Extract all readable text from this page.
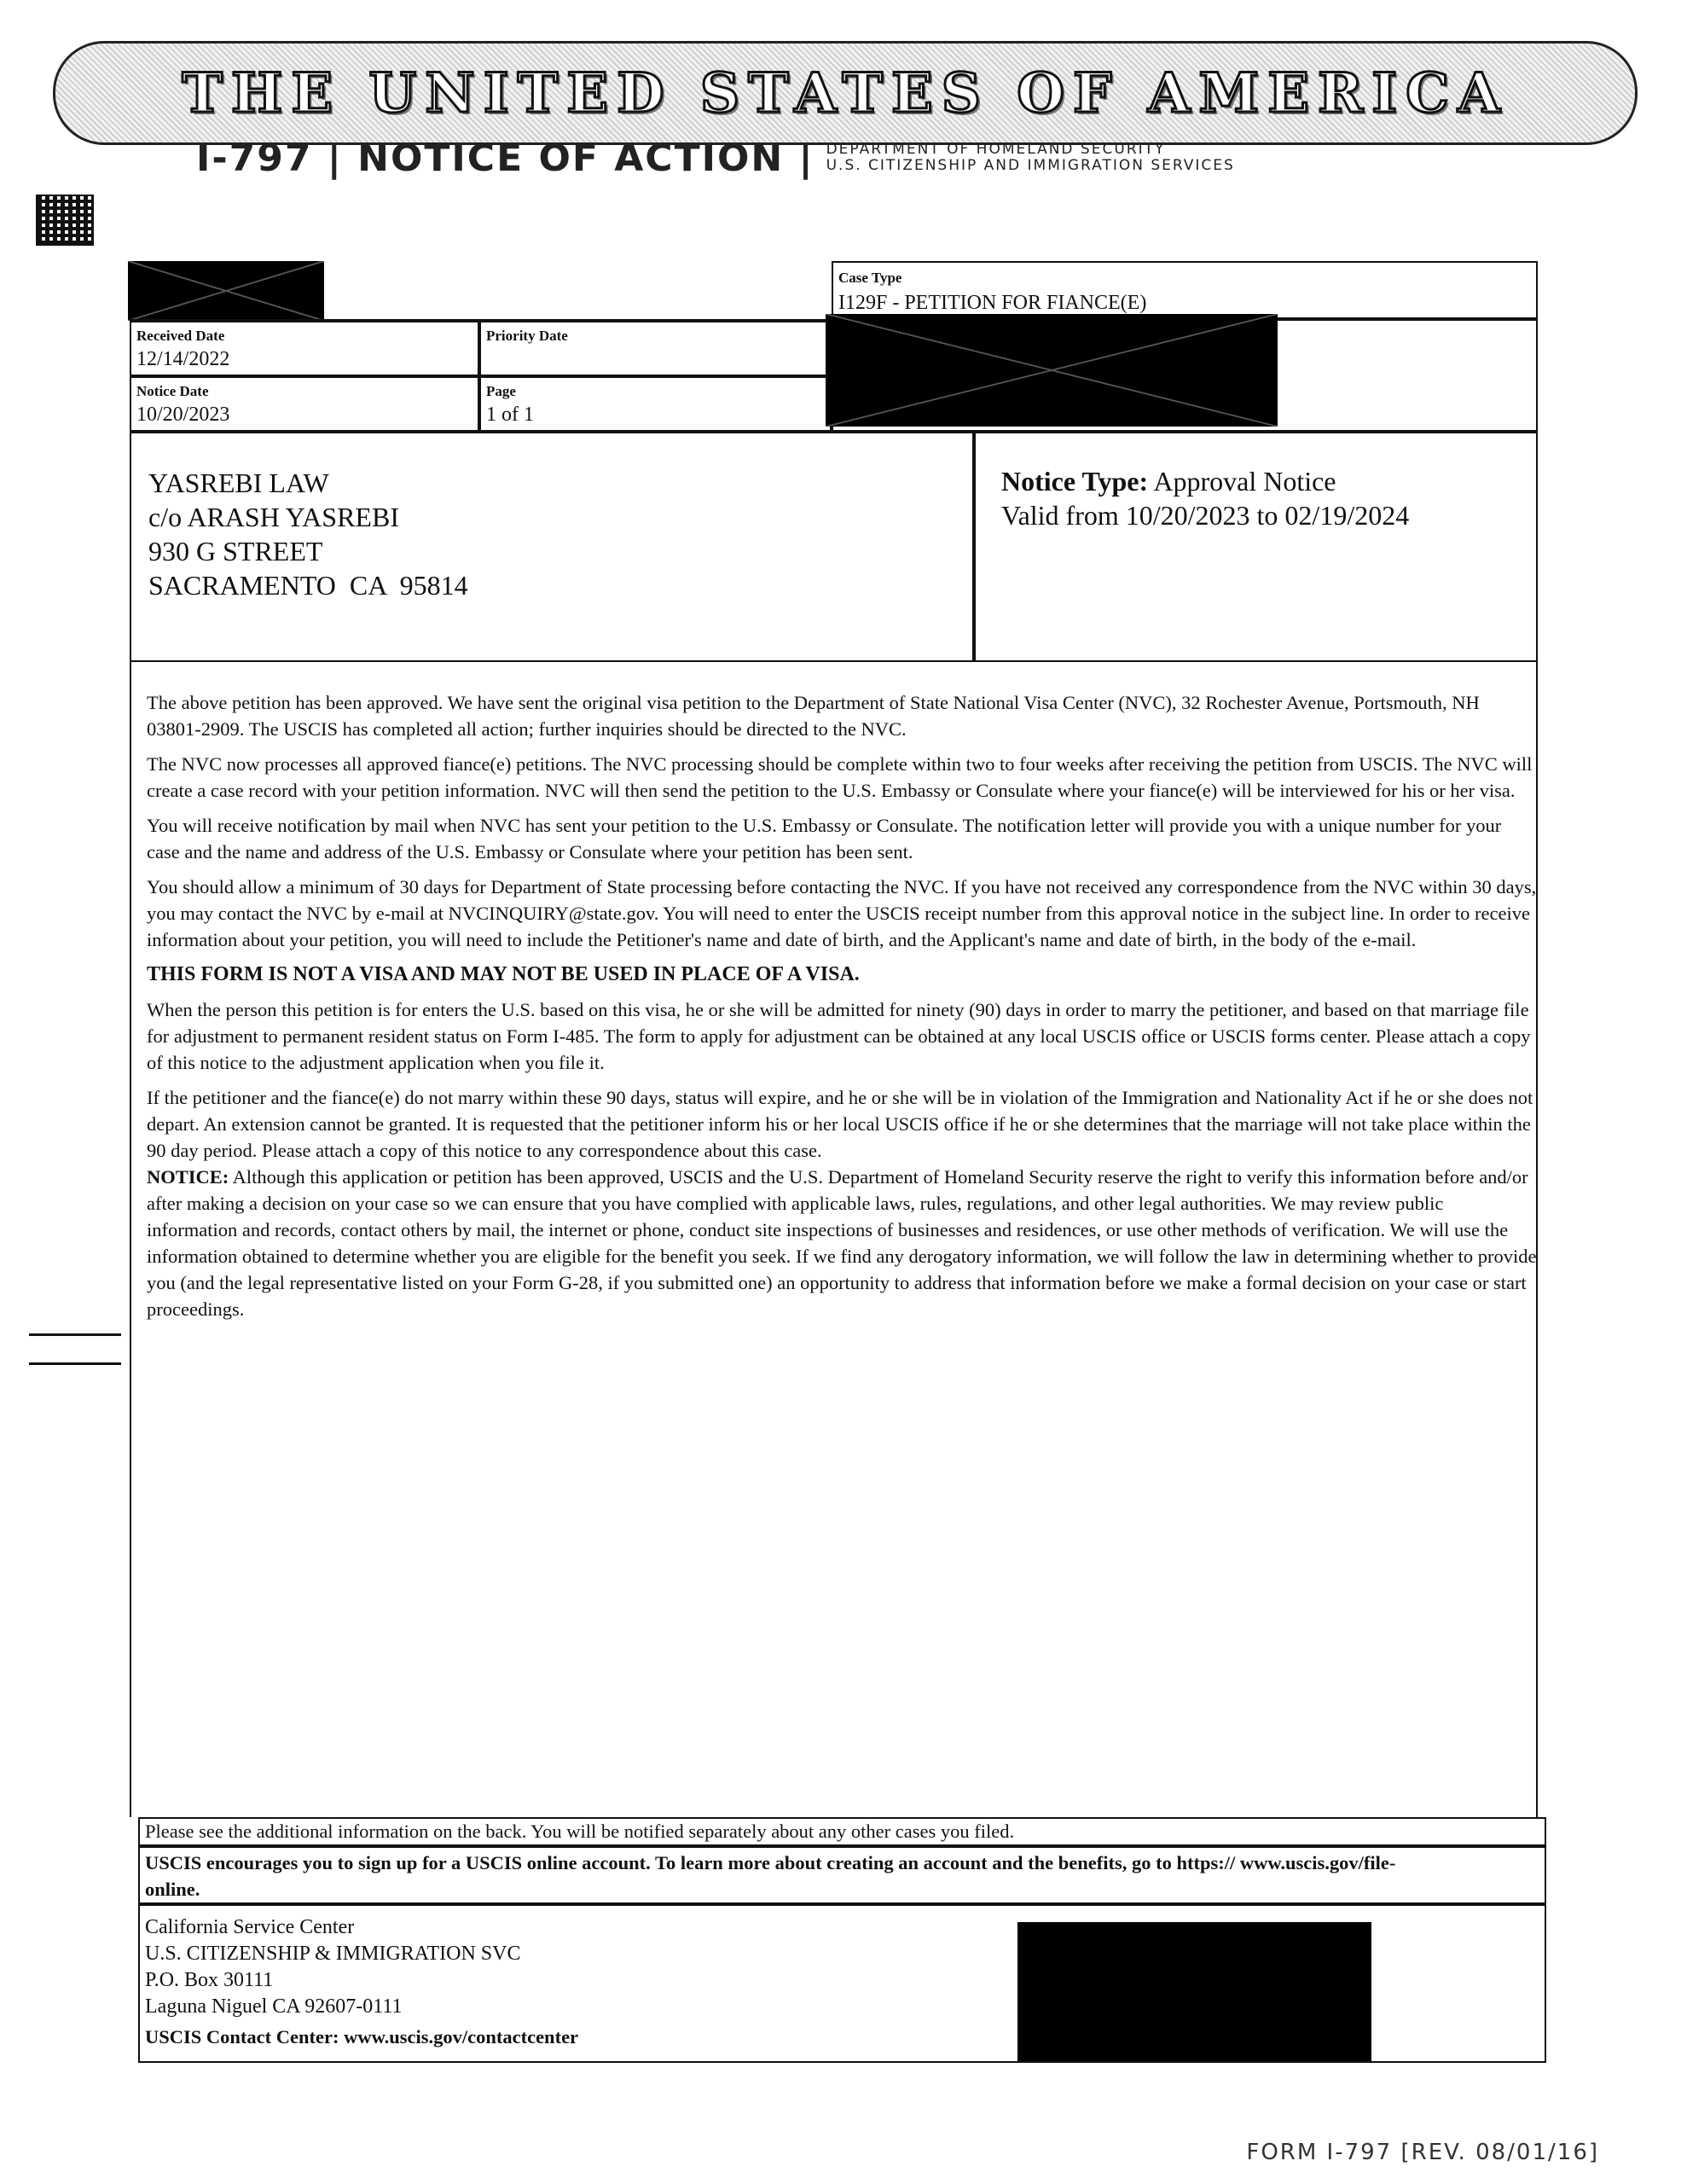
THE UNITED STATES OF AMERICA
I-797 | NOTICE OF ACTION | DEPARTMENT OF HOMELAND SECURITY
U.S. CITIZENSHIP AND IMMIGRATION SERVICES
Case Type
I129F - PETITION FOR FIANCE(E)
Received Date
12/14/2022
Priority Date
Notice Date
10/20/2023
Page
1 of 1
YASREBI LAW
c/o ARASH YASREBI
930 G STREET
SACRAMENTO  CA  95814
Notice Type: Approval Notice
Valid from 10/20/2023 to 02/19/2024

The above petition has been approved. We have sent the original visa petition to the Department of State National Visa Center (NVC), 32 Rochester Avenue, Portsmouth, NH 03801-2909. The USCIS has completed all action; further inquiries should be directed to the NVC.

The NVC now processes all approved fiance(e) petitions. The NVC processing should be complete within two to four weeks after receiving the petition from USCIS. The NVC will create a case record with your petition information. NVC will then send the petition to the U.S. Embassy or Consulate where your fiance(e) will be interviewed for his or her visa.

You will receive notification by mail when NVC has sent your petition to the U.S. Embassy or Consulate. The notification letter will provide you with a unique number for your case and the name and address of the U.S. Embassy or Consulate where your petition has been sent.

You should allow a minimum of 30 days for Department of State processing before contacting the NVC. If you have not received any correspondence from the NVC within 30 days, you may contact the NVC by e-mail at NVCINQUIRY@state.gov. You will need to enter the USCIS receipt number from this approval notice in the subject line. In order to receive information about your petition, you will need to include the Petitioner's name and date of birth, and the Applicant's name and date of birth, in the body of the e-mail.

THIS FORM IS NOT A VISA AND MAY NOT BE USED IN PLACE OF A VISA.

When the person this petition is for enters the U.S. based on this visa, he or she will be admitted for ninety (90) days in order to marry the petitioner, and based on that marriage file for adjustment to permanent resident status on Form I-485. The form to apply for adjustment can be obtained at any local USCIS office or USCIS forms center. Please attach a copy of this notice to the adjustment application when you file it.

If the petitioner and the fiance(e) do not marry within these 90 days, status will expire, and he or she will be in violation of the Immigration and Nationality Act if he or she does not depart. An extension cannot be granted. It is requested that the petitioner inform his or her local USCIS office if he or she determines that the marriage will not take place within the 90 day period. Please attach a copy of this notice to any correspondence about this case.

NOTICE: Although this application or petition has been approved, USCIS and the U.S. Department of Homeland Security reserve the right to verify this information before and/or after making a decision on your case so we can ensure that you have complied with applicable laws, rules, regulations, and other legal authorities. We may review public information and records, contact others by mail, the internet or phone, conduct site inspections of businesses and residences, or use other methods of verification. We will use the information obtained to determine whether you are eligible for the benefit you seek. If we find any derogatory information, we will follow the law in determining whether to provide you (and the legal representative listed on your Form G-28, if you submitted one) an opportunity to address that information before we make a formal decision on your case or start proceedings.

Please see the additional information on the back. You will be notified separately about any other cases you filed.
USCIS encourages you to sign up for a USCIS online account. To learn more about creating an account and the benefits, go to https:// www.uscis.gov/file-online.
California Service Center
U.S. CITIZENSHIP & IMMIGRATION SVC
P.O. Box 30111
Laguna Niguel CA 92607-0111
USCIS Contact Center: www.uscis.gov/contactcenter
FORM I-797 [REV. 08/01/16]
